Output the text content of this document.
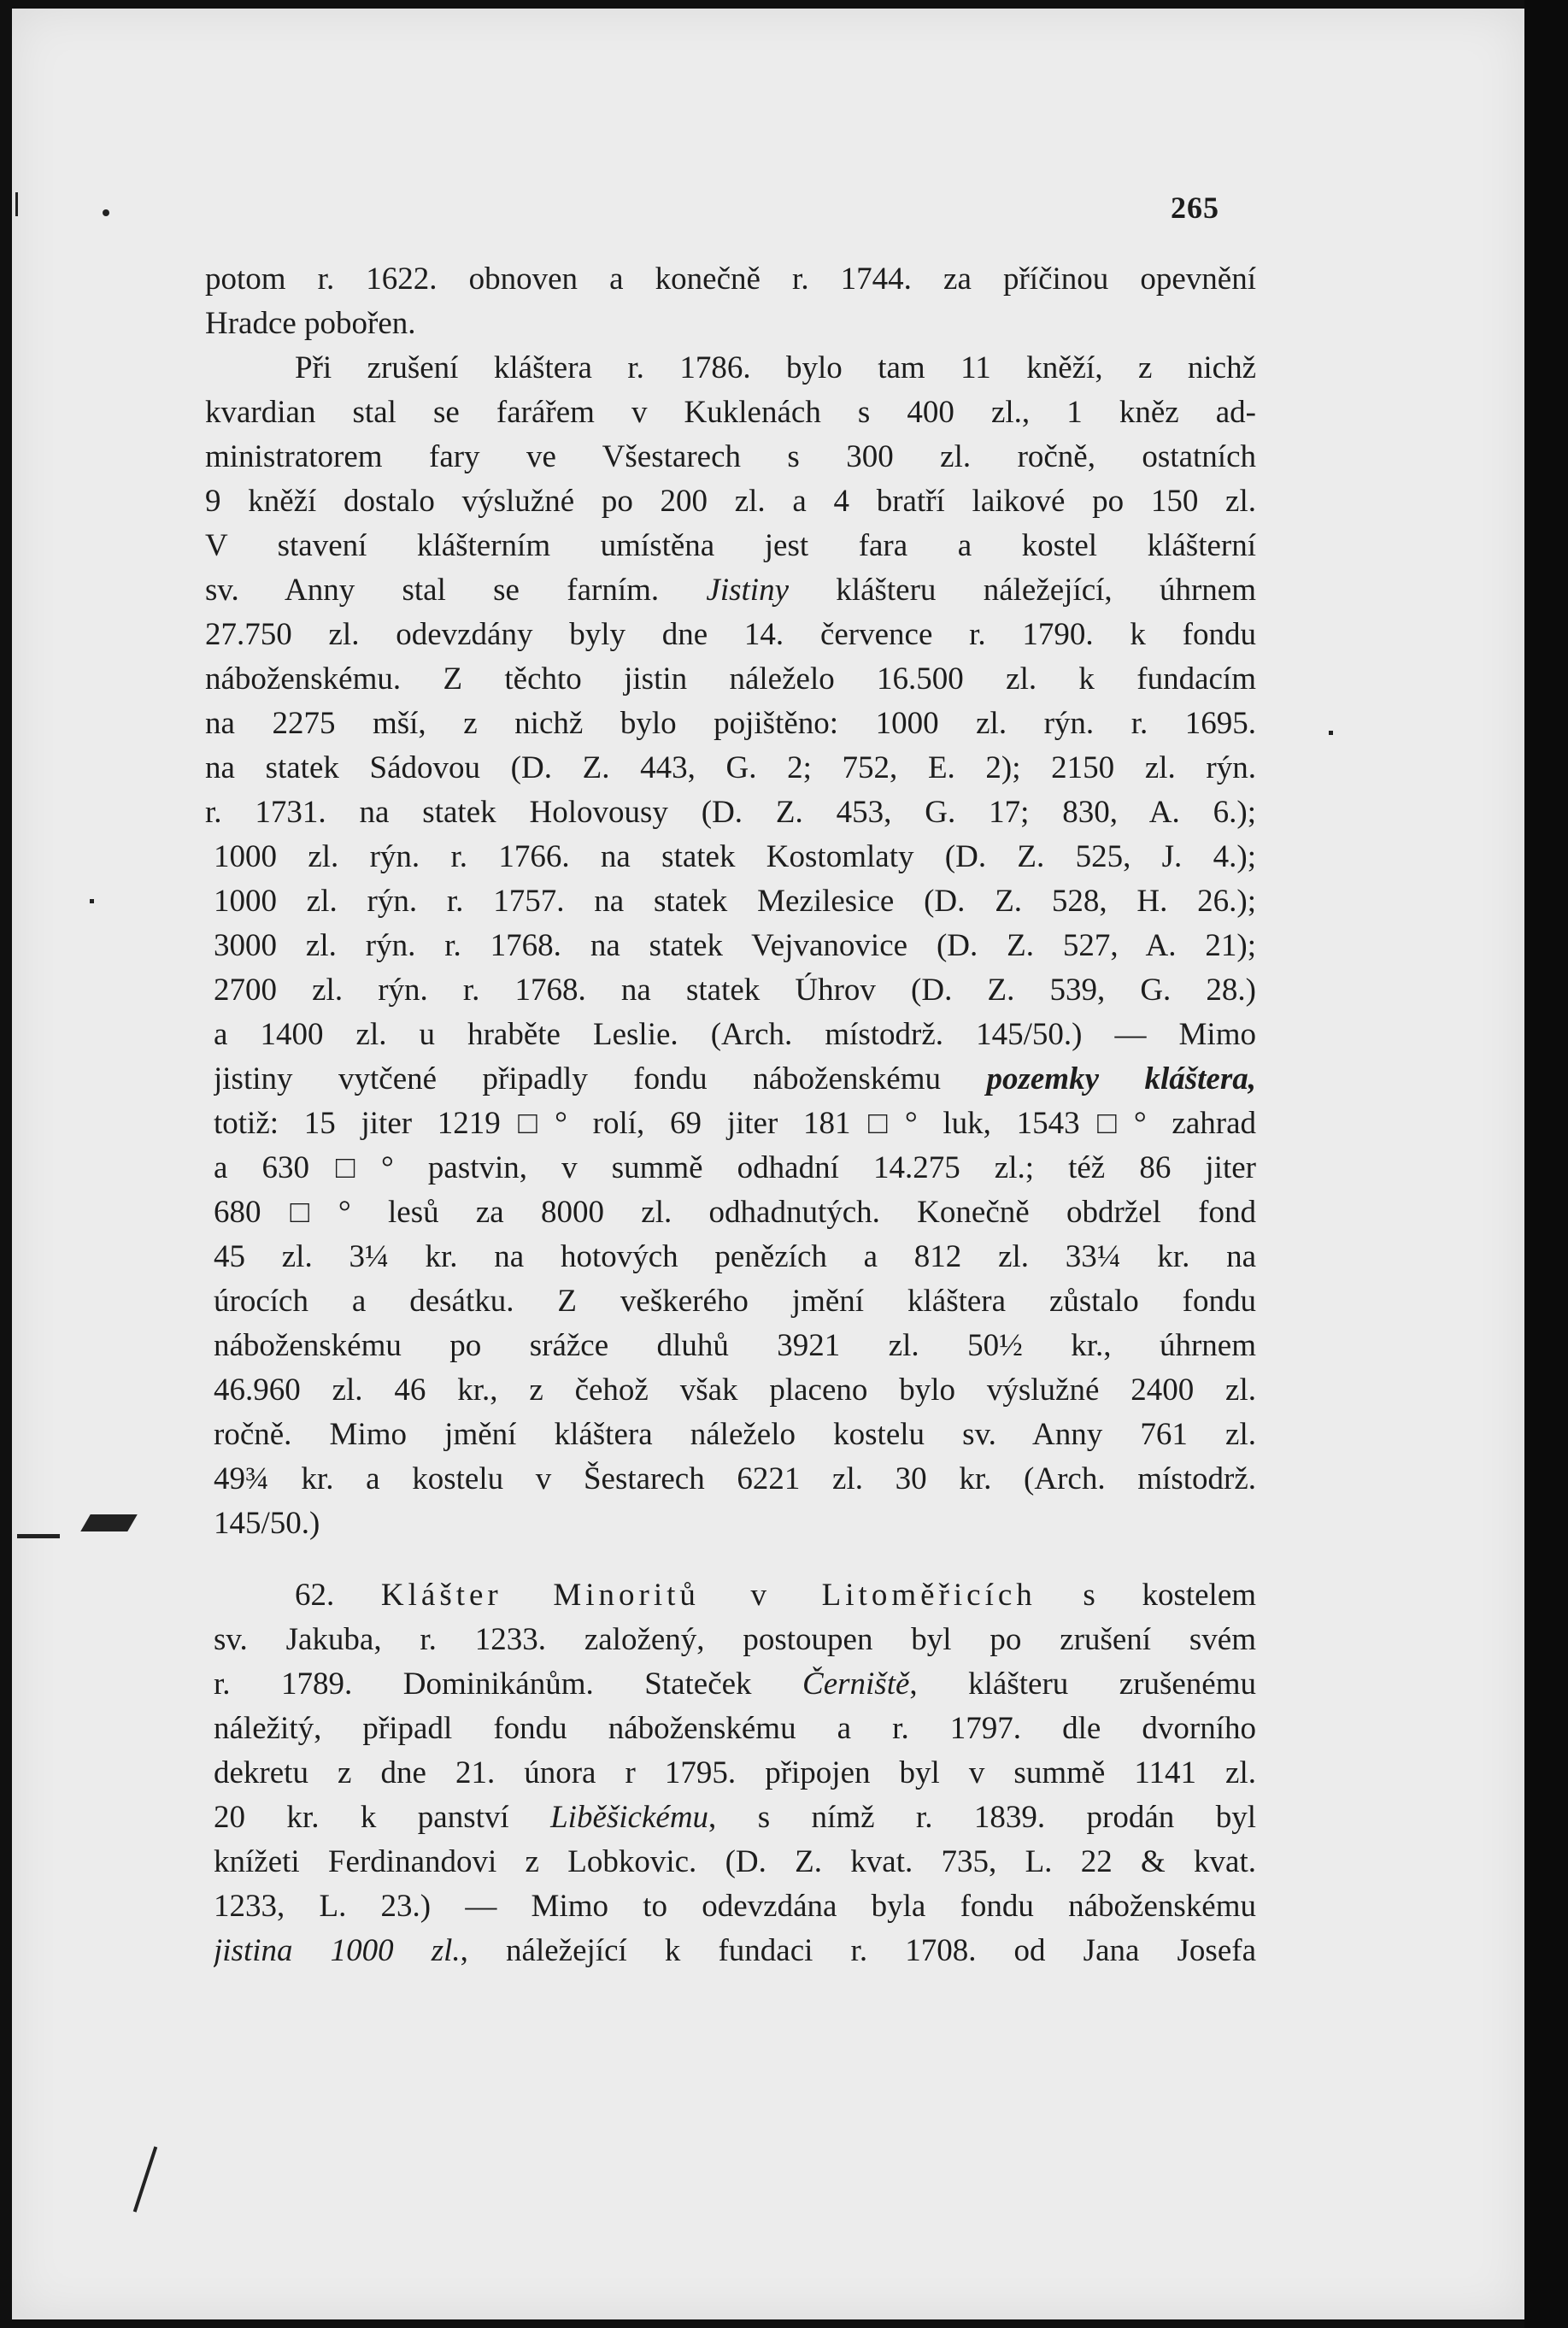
265
potom r. 1622. obnoven a konečně r. 1744. za příčinou opevnění
Hradce pobořen.
Při zrušení kláštera r. 1786. bylo tam 11 kněží, z nichž
kvardian stal se farářem v Kuklenách s 400 zl., 1 kněz ad-
ministratorem fary ve Všestarech s 300 zl. ročně, ostatních
9 kněží dostalo výslužné po 200 zl. a 4 bratří laikové po 150 zl.
V stavení klášterním umístěna jest fara a kostel klášterní
sv. Anny stal se farním. Jistiny klášteru náležející, úhrnem
27.750 zl. odevzdány byly dne 14. července r. 1790. k fondu
náboženskému. Z těchto jistin náleželo 16.500 zl. k fundacím
na 2275 mší, z nichž bylo pojištěno: 1000 zl. rýn. r. 1695.
na statek Sádovou (D. Z. 443, G. 2; 752, E. 2); 2150 zl. rýn.
r. 1731. na statek Holovousy (D. Z. 453, G. 17; 830, A. 6.);
1000 zl. rýn. r. 1766. na statek Kostomlaty (D. Z. 525, J. 4.);
1000 zl. rýn. r. 1757. na statek Mezilesice (D. Z. 528, H. 26.);
3000 zl. rýn. r. 1768. na statek Vejvanovice (D. Z. 527, A. 21);
2700 zl. rýn. r. 1768. na statek Úhrov (D. Z. 539, G. 28.)
a 1400 zl. u hraběte Leslie. (Arch. místodrž. 145/50.) — Mimo
jistiny vytčené připadly fondu náboženskému pozemky kláštera,
totiž: 15 jiter 1219□° rolí, 69 jiter 181□° luk, 1543□° zahrad
a 630□° pastvin, v summě odhadní 14.275 zl.; též 86 jiter
680□° lesů za 8000 zl. odhadnutých. Konečně obdržel fond
45 zl. 3¼ kr. na hotových penězích a 812 zl. 33¼ kr. na
úrocích a desátku. Z veškerého jmění kláštera zůstalo fondu
náboženskému po srážce dluhů 3921 zl. 50½ kr., úhrnem
46.960 zl. 46 kr., z čehož však placeno bylo výslužné 2400 zl.
ročně. Mimo jmění kláštera náleželo kostelu sv. Anny 761 zl.
49¾ kr. a kostelu v Šestarech 6221 zl. 30 kr. (Arch. místodrž.
145/50.)
62. Klášter Minoritů v Litoměřicích s kostelem
sv. Jakuba, r. 1233. založený, postoupen byl po zrušení svém
r. 1789. Dominikánům. Stateček Černiště, klášteru zrušenému
náležitý, připadl fondu náboženskému a r. 1797. dle dvorního
dekretu z dne 21. února r 1795. připojen byl v summě 1141 zl.
20 kr. k panství Liběšickému, s nímž r. 1839. prodán byl
knížeti Ferdinandovi z Lobkovic. (D. Z. kvat. 735, L. 22 & kvat.
1233, L. 23.) — Mimo to odevzdána byla fondu náboženskému
jistina 1000 zl., náležející k fundaci r. 1708. od Jana Josefa
